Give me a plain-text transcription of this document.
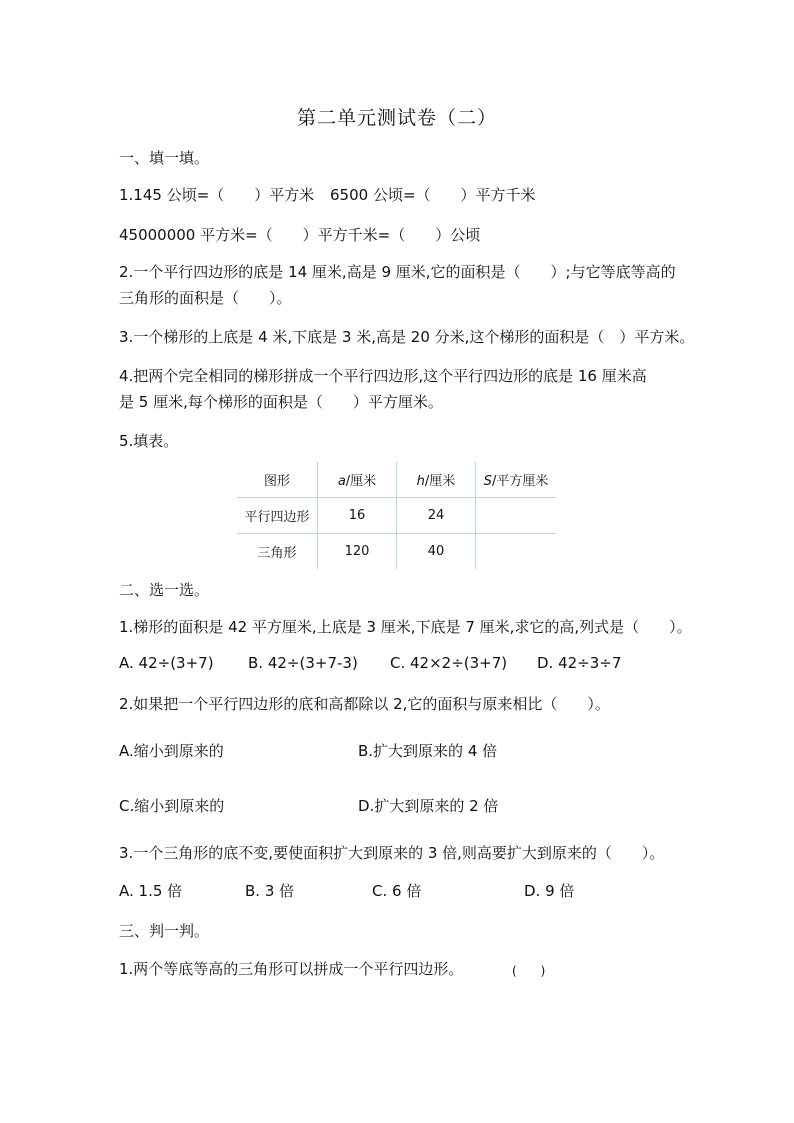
第二单元测试卷（二）
一、填一填。
1.145 公顷=（　　）平方米 6500 公顷=（　　）平方千米
45000000 平方米=（　　）平方千米=（　　）公顷
2.一个平行四边形的底是 14 厘米,高是 9 厘米,它的面积是（　　）;与它等底等高的
三角形的面积是（　　）。
3.一个梯形的上底是 4 米,下底是 3 米,高是 20 分米,这个梯形的面积是（　）平方米。
4.把两个完全相同的梯形拼成一个平行四边形,这个平行四边形的底是 16 厘米高
是 5 厘米,每个梯形的面积是（　　）平方厘米。
5.填表。
图形	a/厘米	h/厘米	S/平方厘米
平行四边形	16	24	
三角形	120	40	
二、选一选。
1.梯形的面积是 42 平方厘米,上底是 3 厘米,下底是 7 厘米,求它的高,列式是（　　）。
A. 42÷(3+7) B. 42÷(3+7-3) C. 42×2÷(3+7) D. 42÷3÷7
2.如果把一个平行四边形的底和高都除以 2,它的面积与原来相比（　　）。
A.缩小到原来的	B.扩大到原来的 4 倍
C.缩小到原来的	D.扩大到原来的 2 倍
3.一个三角形的底不变,要使面积扩大到原来的 3 倍,则高要扩大到原来的（　　）。
A. 1.5 倍	B. 3 倍	C. 6 倍	D. 9 倍
三、判一判。
1.两个等底等高的三角形可以拼成一个平行四边形。	(　　)
